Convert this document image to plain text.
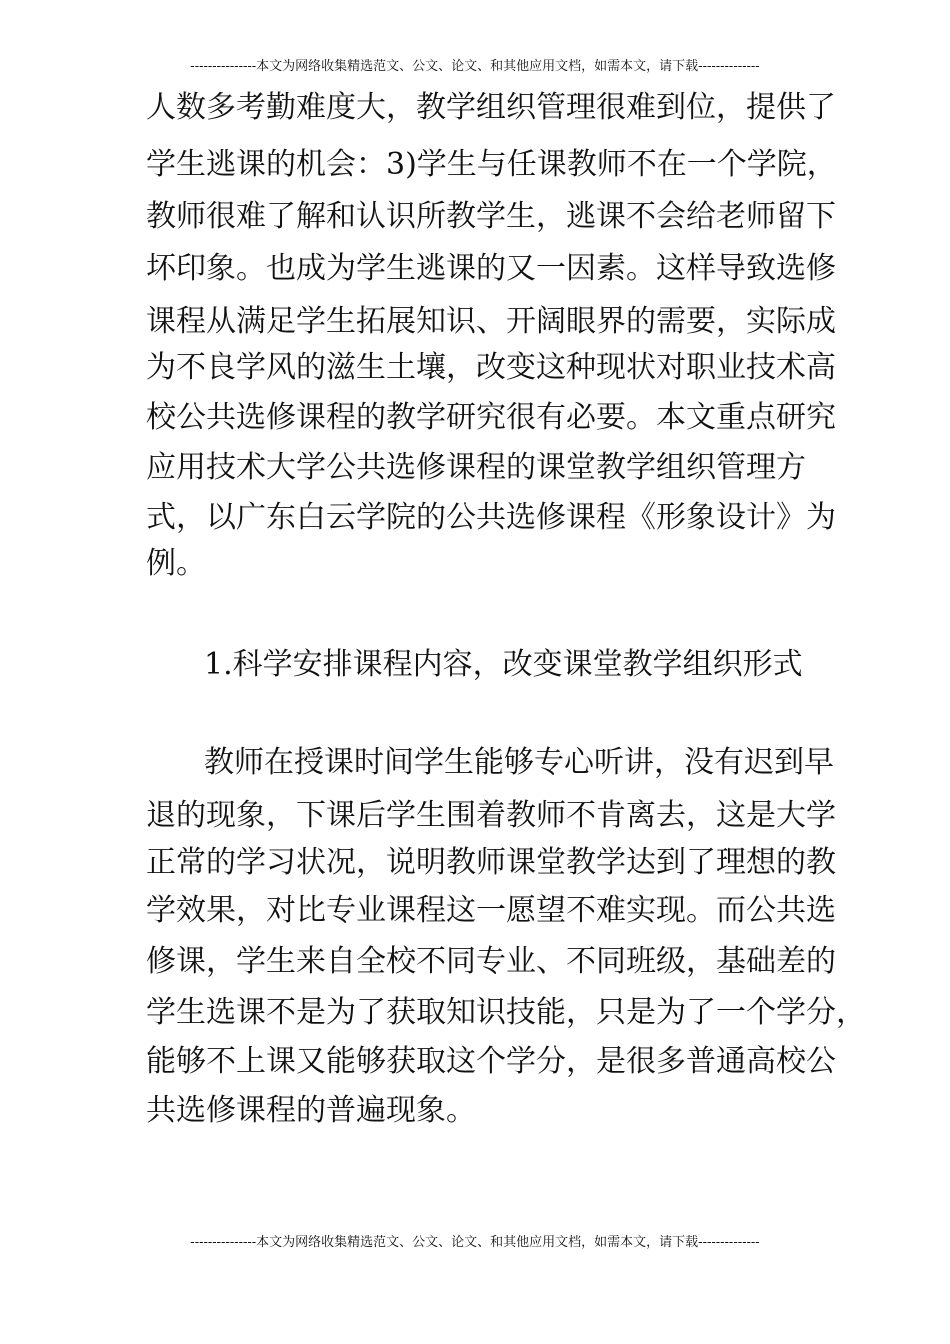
---------------本文为网络收集精选范文、公文、论文、和其他应用文档，如需本文，请下载--------------
人数多考勤难度大，教学组织管理很难到位，提供了
学生逃课的机会：3)学生与任课教师不在一个学院，
教师很难了解和认识所教学生，逃课不会给老师留下
坏印象。也成为学生逃课的又一因素。这样导致选修
课程从满足学生拓展知识、开阔眼界的需要，实际成
为不良学风的滋生土壤，改变这种现状对职业技术高
校公共选修课程的教学研究很有必要。本文重点研究
应用技术大学公共选修课程的课堂教学组织管理方
式，以广东白云学院的公共选修课程《形象设计》为
例。
1.科学安排课程内容，改变课堂教学组织形式
教师在授课时间学生能够专心听讲，没有迟到早
退的现象，下课后学生围着教师不肯离去，这是大学
正常的学习状况，说明教师课堂教学达到了理想的教
学效果，对比专业课程这一愿望不难实现。而公共选
修课，学生来自全校不同专业、不同班级，基础差的
学生选课不是为了获取知识技能，只是为了一个学分，
能够不上课又能够获取这个学分，是很多普通高校公
共选修课程的普遍现象。
---------------本文为网络收集精选范文、公文、论文、和其他应用文档，如需本文，请下载--------------
